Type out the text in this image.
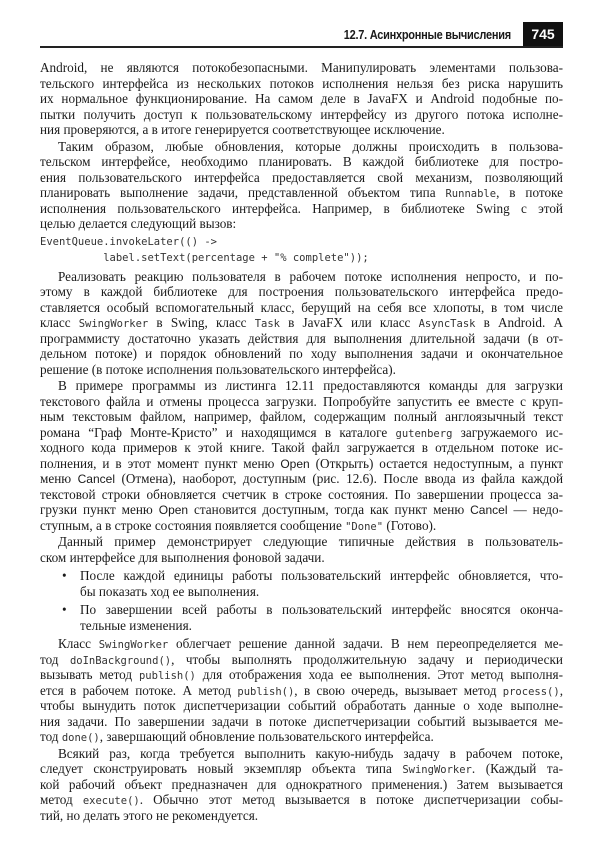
12.7. Асинхронные вычисления	745
Android, не являются потокобезопасными. Манипулировать элементами пользова-
тельского интерфейса из нескольких потоков исполнения нельзя без риска нарушить
их нормальное функционирование. На самом деле в JavaFX и Android подобные по-
пытки получить доступ к пользовательскому интерфейсу из другого потока исполне-
ния проверяются, а в итоге генерируется соответствующее исключение.
Таким образом, любые обновления, которые должны происходить в пользова-
тельском интерфейсе, необходимо планировать. В каждой библиотеке для постро-
ения пользовательского интерфейса предоставляется свой механизм, позволяющий
планировать выполнение задачи, представленной объектом типа Runnable, в потоке
исполнения пользовательского интерфейса. Например, в библиотеке Swing с этой
целью делается следующий вызов:
EventQueue.invokeLater(() ->
label.setText(percentage + "% complete"));
Реализовать реакцию пользователя в рабочем потоке исполнения непросто, и по-
этому в каждой библиотеке для построения пользовательского интерфейса предо-
ставляется особый вспомогательный класс, берущий на себя все хлопоты, в том числе
класс SwingWorker в Swing, класс Task в JavaFX или класс AsyncTask в Android. А
программисту достаточно указать действия для выполнения длительной задачи (в от-
дельном потоке) и порядок обновлений по ходу выполнения задачи и окончательное
решение (в потоке исполнения пользовательского интерфейса).
В примере программы из листинга 12.11 предоставляются команды для загрузки
текстового файла и отмены процесса загрузки. Попробуйте запустить ее вместе с круп-
ным текстовым файлом, например, файлом, содержащим полный англоязычный текст
романа “Граф Монте-Кристо” и находящимся в каталоге gutenberg загружаемого ис-
ходного кода примеров к этой книге. Такой файл загружается в отдельном потоке ис-
полнения, и в этот момент пункт меню Open (Открыть) остается недоступным, а пункт
меню Cancel (Отмена), наоборот, доступным (рис. 12.6). После ввода из файла каждой
текстовой строки обновляется счетчик в строке состояния. По завершении процесса за-
грузки пункт меню Open становится доступным, тогда как пункт меню Cancel — недо-
ступным, а в строке состояния появляется сообщение "Done" (Готово).
Данный пример демонстрирует следующие типичные действия в пользователь-
ском интерфейсе для выполнения фоновой задачи.
• После каждой единицы работы пользовательский интерфейс обновляется, что-
бы показать ход ее выполнения.
• По завершении всей работы в пользовательский интерфейс вносятся оконча-
тельные изменения.
Класс SwingWorker облегчает решение данной задачи. В нем переопределяется ме-
тод doInBackground(), чтобы выполнять продолжительную задачу и периодически
вызывать метод publish() для отображения хода ее выполнения. Этот метод выполня-
ется в рабочем потоке. А метод publish(), в свою очередь, вызывает метод process(),
чтобы вынудить поток диспетчеризации событий обработать данные о ходе выполне-
ния задачи. По завершении задачи в потоке диспетчеризации событий вызывается ме-
тод done(), завершающий обновление пользовательского интерфейса.
Всякий раз, когда требуется выполнить какую-нибудь задачу в рабочем потоке,
следует сконструировать новый экземпляр объекта типа SwingWorker. (Каждый та-
кой рабочий объект предназначен для однократного применения.) Затем вызывается
метод execute(). Обычно этот метод вызывается в потоке диспетчеризации собы-
тий, но делать этого не рекомендуется.
